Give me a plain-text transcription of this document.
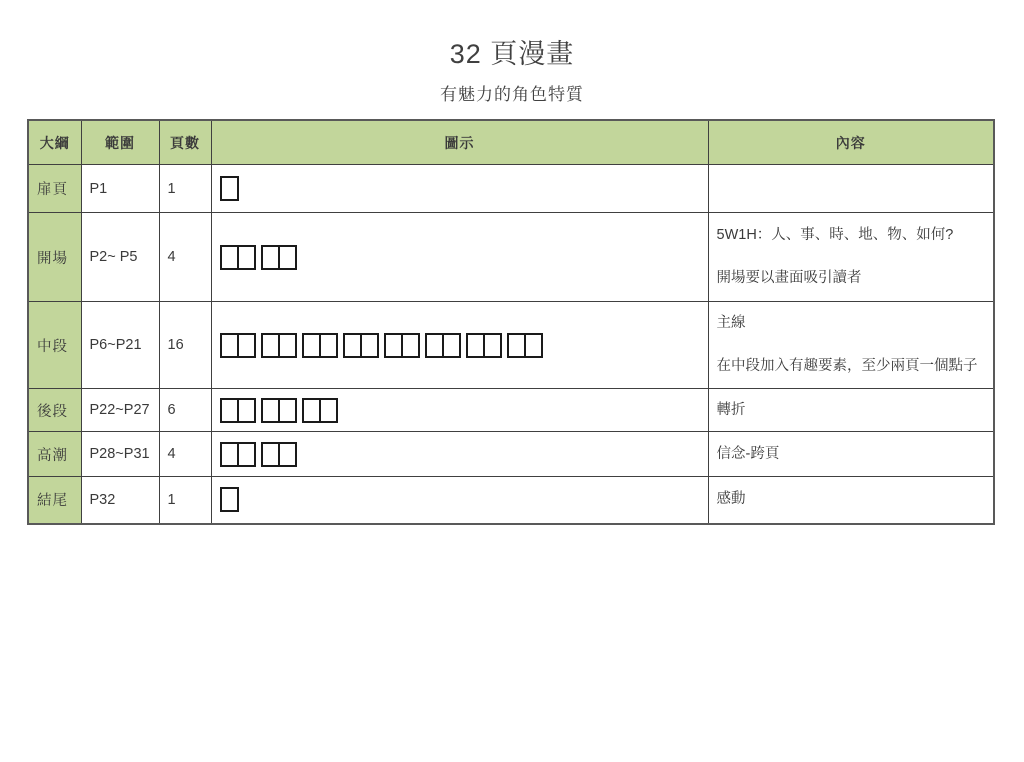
32 頁漫畫
有魅力的角色特質
大綱	範圍	頁數	圖示	內容
扉頁	P1	1	

開場	P2~ P5	4		5W1H：人、事、時、地、物、如何?
開場要以畫面吸引讀者

中段	P6~P21	16		主線
在中段加入有趣要素，至少兩頁一個點子

後段	P22~P27	6		轉折

高潮	P28~P31	4		信念-跨頁

結尾	P32	1		感動
